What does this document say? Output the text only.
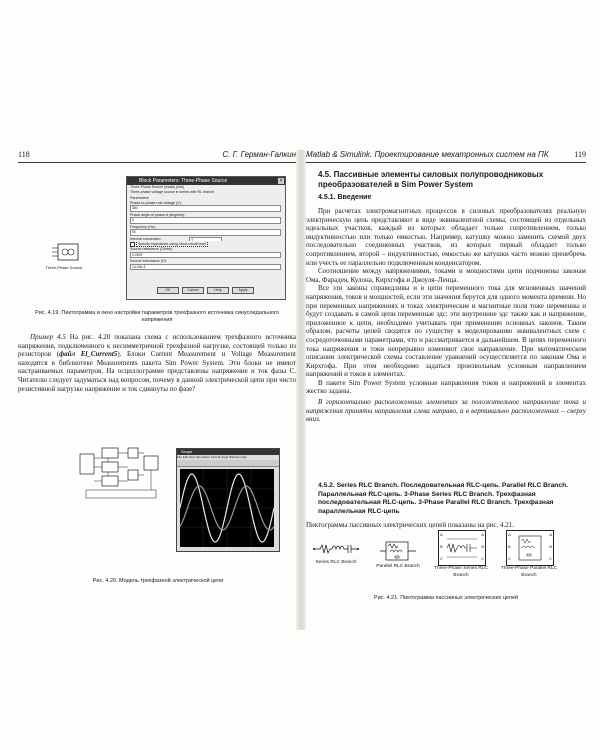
118	С. Г. Герман-Галкин
Three-Phase Source
Block Parameters: Three-Phase Source	×
Three-Phase Source (mask) (link)
Three-phase voltage source in series with RL branch.
Parameters
Phase-to-phase rms voltage (V):
380
Phase angle of phase A (degrees):
0
Frequency (Hz):
50
Internal connection:	Y
Specify impedance using short-circuit level
Source resistance (Ohms):
0.0529
Source inductance (H):
14.03e-3
OK	Cancel	Help	Apply
Рис. 4.19. Пиктограмма и окно настройки параметров трехфазного источника синусоидального напряжения

Пример 4.5 На рис. 4.20 показана схема с использованием трехфазного источника напряжения, подключенного к несимметричной трехфазной нагрузке, состоящей только из резисторов (файл El_Current5). Блоки Current Measurement и Voltage Measurement находятся в библиотеке Measurements пакета Sim Power System. Эти блоки не имеют настраиваемых параметров. На осциллограмме представлены напряжение и ток фазы С. Читателю следует задуматься над вопросом, почему в данной электрической цепи при чисто резистивной нагрузке напряжение и ток сдвинуты по фазе?

Scope
File Edit View Simulation Format Tools Window Help
Рис. 4.20. Модель трехфазной электрической цепи
Matlab & Simulink. Проектирование мехатронных систем на ПК	119
4.5. Пассивные элементы силовых полупроводниковых преобразователей в Sim Power System
4.5.1. Введение

При расчетах электромагнитных процессов в силовых преобразователях реальную электрическую цепь представляют в виде эквивалентной схемы, состоящей из отдельных идеальных участков, каждый из которых обладает только сопротивлением, только индуктивностью или только емкостью. Например, катушку можно заменить схемой двух последовательно соединенных участков, из которых первый обладает только сопротивлением, второй – индуктивностью, емкостью же катушки часто можно пренебречь или учесть ее параллельно подключенным конденсатором.

Соотношение между напряжениями, токами и мощностями цепи подчинены законам Ома, Фарадея, Кулона, Кирхгофа и Джоуля–Ленца.

Все эти законы справедливы и в цепи переменного тока для мгновенных значений напряжения, токов и мощностей, если эти значения берутся для одного момента времени. Но при переменных напряжениях и токах электрические и магнитные поля тоже переменны и будут создавать в самой цепи переменные эдс; эти внутренние эдс также как и напряжение, приложенное к цепи, необходимо учитывать при применении основных законов. Таким образом, расчеты цепей сводятся по существу к моделированию эквивалентных схем с сосредоточенными параметрами, что и рассматривается в дальнейшем. В цепях переменного тока напряжения и токи непрерывно изменяют свое направление. При математическом описании электрической схемы составление уравнений осуществляется по законам Ома и Кирхгофа. При этом необходимо задаться произвольным условным направлением напряжений и токов в элементах.

В пакете Sim Power System условные направления токов и напряжений в элементах жестко заданы.

В горизонтально расположенных элементах за положительное направление тока и напряжения приняты направления слева направо, а в вертикально расположенных – сверху вниз.

4.5.2. Series RLC Branch. Последовательная RLC-цепь. Parallel RLC Branch. Параллельная RLC-цепь. 3-Phase Series RLC Branch. Трехфазная последовательная RLC-цепь. 3-Phase Parallel RLC Branch. Трехфазная параллельная RLC-цепь

Пиктограммы пассивных электрических цепей показаны на рис. 4.21.

Series RLC Branch
Parallel RLC Branch
A
B
C
A
B
C
Three-Phase Series RLC Branch
A
B
C
A
B
C
Three-Phase Parallel RLC Branch
Рис. 4.21. Пиктограмма пассивных электрических цепей
